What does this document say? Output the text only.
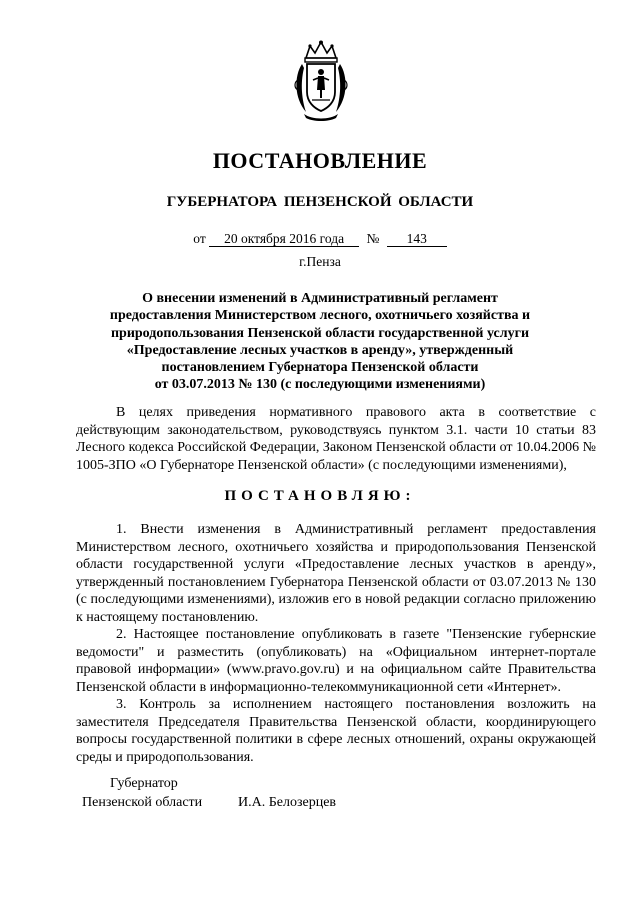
ПОСТАНОВЛЕНИЕ
ГУБЕРНАТОРА ПЕНЗЕНСКОЙ ОБЛАСТИ
от 20 октября 2016 года № 143
г.Пенза
О внесении изменений в Административный регламент
предоставления Министерством лесного, охотничьего хозяйства и
природопользования Пензенской области государственной услуги
«Предоставление лесных участков в аренду», утвержденный
постановлением Губернатора Пензенской области
от 03.07.2013 № 130 (с последующими изменениями)

В целях приведения нормативного правового акта в соответствие с действующим законодательством, руководствуясь пунктом 3.1. части 10 статьи 83 Лесного кодекса Российской Федерации, Законом Пензенской области от 10.04.2006 № 1005-ЗПО «О Губернаторе Пензенской области» (с последующими изменениями),

ПОСТАНОВЛЯЮ:

1. Внести изменения в Административный регламент предоставления Министерством лесного, охотничьего хозяйства и природопользования Пензенской области государственной услуги «Предоставление лесных участков в аренду», утвержденный постановлением Губернатора Пензенской области от 03.07.2013 № 130 (с последующими изменениями), изложив его в новой редакции согласно приложению к настоящему постановлению.

2. Настоящее постановление опубликовать в газете "Пензенские губернские ведомости" и разместить (опубликовать) на «Официальном интернет-портале правовой информации» (www.pravo.gov.ru) и на официальном сайте Правительства Пензенской области в информационно-телекоммуникационной сети «Интернет».

3. Контроль за исполнением настоящего постановления возложить на заместителя Председателя Правительства Пензенской области, координирующего вопросы государственной политики в сфере лесных отношений, охраны окружающей среды и природопользования.

Губернатор
Пензенской области	И.А. Белозерцев
